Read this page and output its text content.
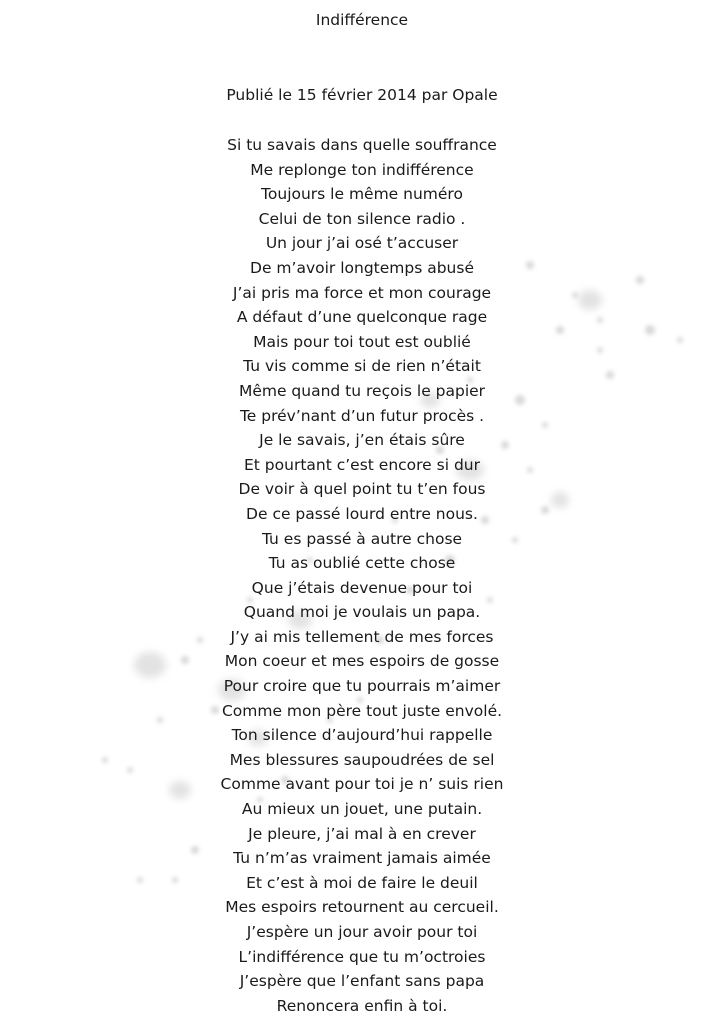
Indifférence
Publié le 15 février 2014 par Opale
Si tu savais dans quelle souffrance
Me replonge ton indifférence
Toujours le même numéro
Celui de ton silence radio .
Un jour j’ai osé t’accuser
De m’avoir longtemps abusé
J’ai pris ma force et mon courage
A défaut d’une quelconque rage
Mais pour toi tout est oublié
Tu vis comme si de rien n’était
Même quand tu reçois le papier
Te prév’nant d’un futur procès .
Je le savais, j’en étais sûre
Et pourtant c’est encore si dur
De voir à quel point tu t’en fous
De ce passé lourd entre nous.
Tu es passé à autre chose
Tu as oublié cette chose
Que j’étais devenue pour toi
Quand moi je voulais un papa.
J’y ai mis tellement de mes forces
Mon coeur et mes espoirs de gosse
Pour croire que tu pourrais m’aimer
Comme mon père tout juste envolé.
Ton silence d’aujourd’hui rappelle
Mes blessures saupoudrées de sel
Comme avant pour toi je n’ suis rien
Au mieux un jouet, une putain.
Je pleure, j’ai mal à en crever
Tu n’m’as vraiment jamais aimée
Et c’est à moi de faire le deuil
Mes espoirs retournent au cercueil.
J’espère un jour avoir pour toi
L’indifférence que tu m’octroies
J’espère que l’enfant sans papa
Renoncera enfin à toi.
